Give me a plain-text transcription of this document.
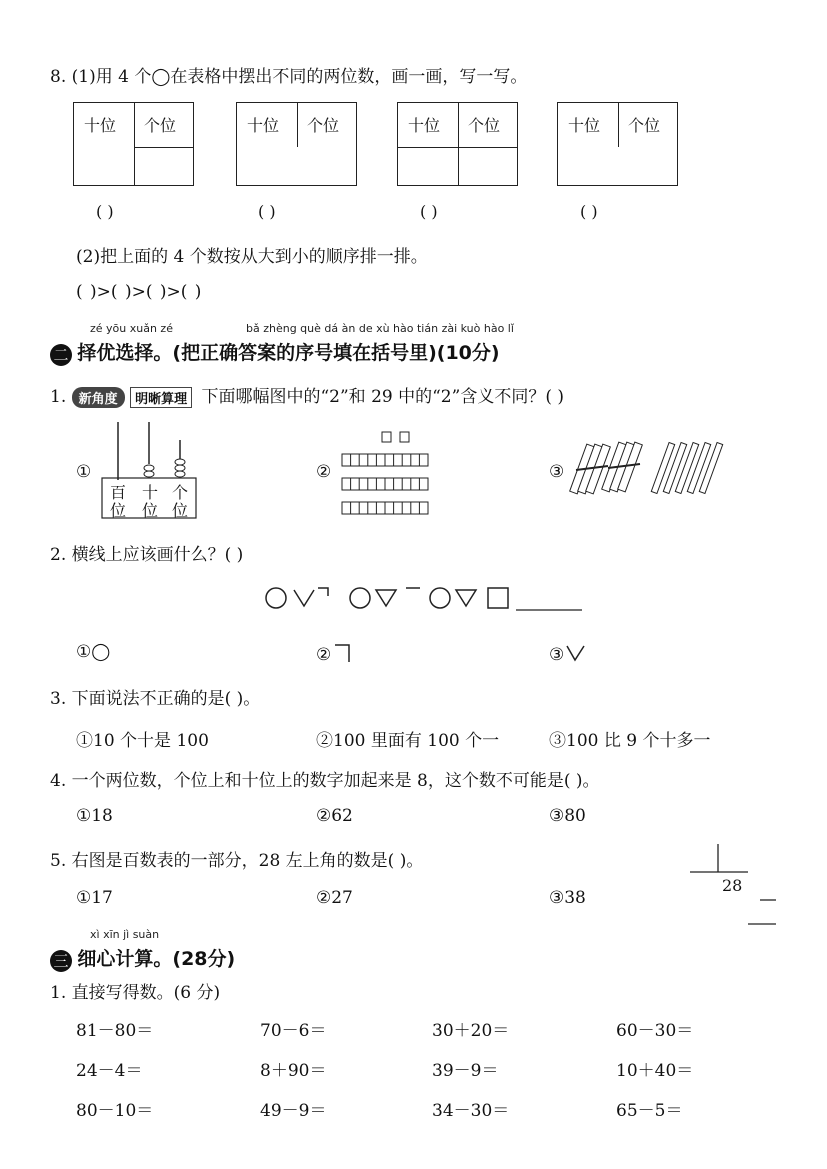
8. (1)用 4 个◯在表格中摆出不同的两位数，画一画，写一写。
十位 个位	十位 个位	十位 个位	十位 个位
( )	( )	( )	( )
(2)把上面的 4 个数按从大到小的顺序排一排。
( )>( )>( )>( )
zé yōu xuǎn zé	bǎ zhèng què dá àn de xù hào tián zài kuò hào lǐ
二 择优选择。(把正确答案的序号填在括号里)(10分)
1. 新角度 明晰算理 下面哪幅图中的“2”和 29 中的“2”含义不同？( )
①
百 十 个
位 位 位
②	③
2. 横线上应该画什么？( )
①◯	②	③
3. 下面说法不正确的是( )。
①10 个十是 100	②100 里面有 100 个一	③100 比 9 个十多一
4. 一个两位数，个位上和十位上的数字加起来是 8，这个数不可能是( )。
①18	②62	③80
5. 右图是百数表的一部分，28 左上角的数是( )。
①17	②27	③38
28
xì xīn jì suàn
三 细心计算。(28分)
1. 直接写得数。(6 分)
81－80＝	70－6＝	30＋20＝	60－30＝
24－4＝	8＋90＝	39－9＝	10＋40＝
80－10＝	49－9＝	34－30＝	65－5＝
